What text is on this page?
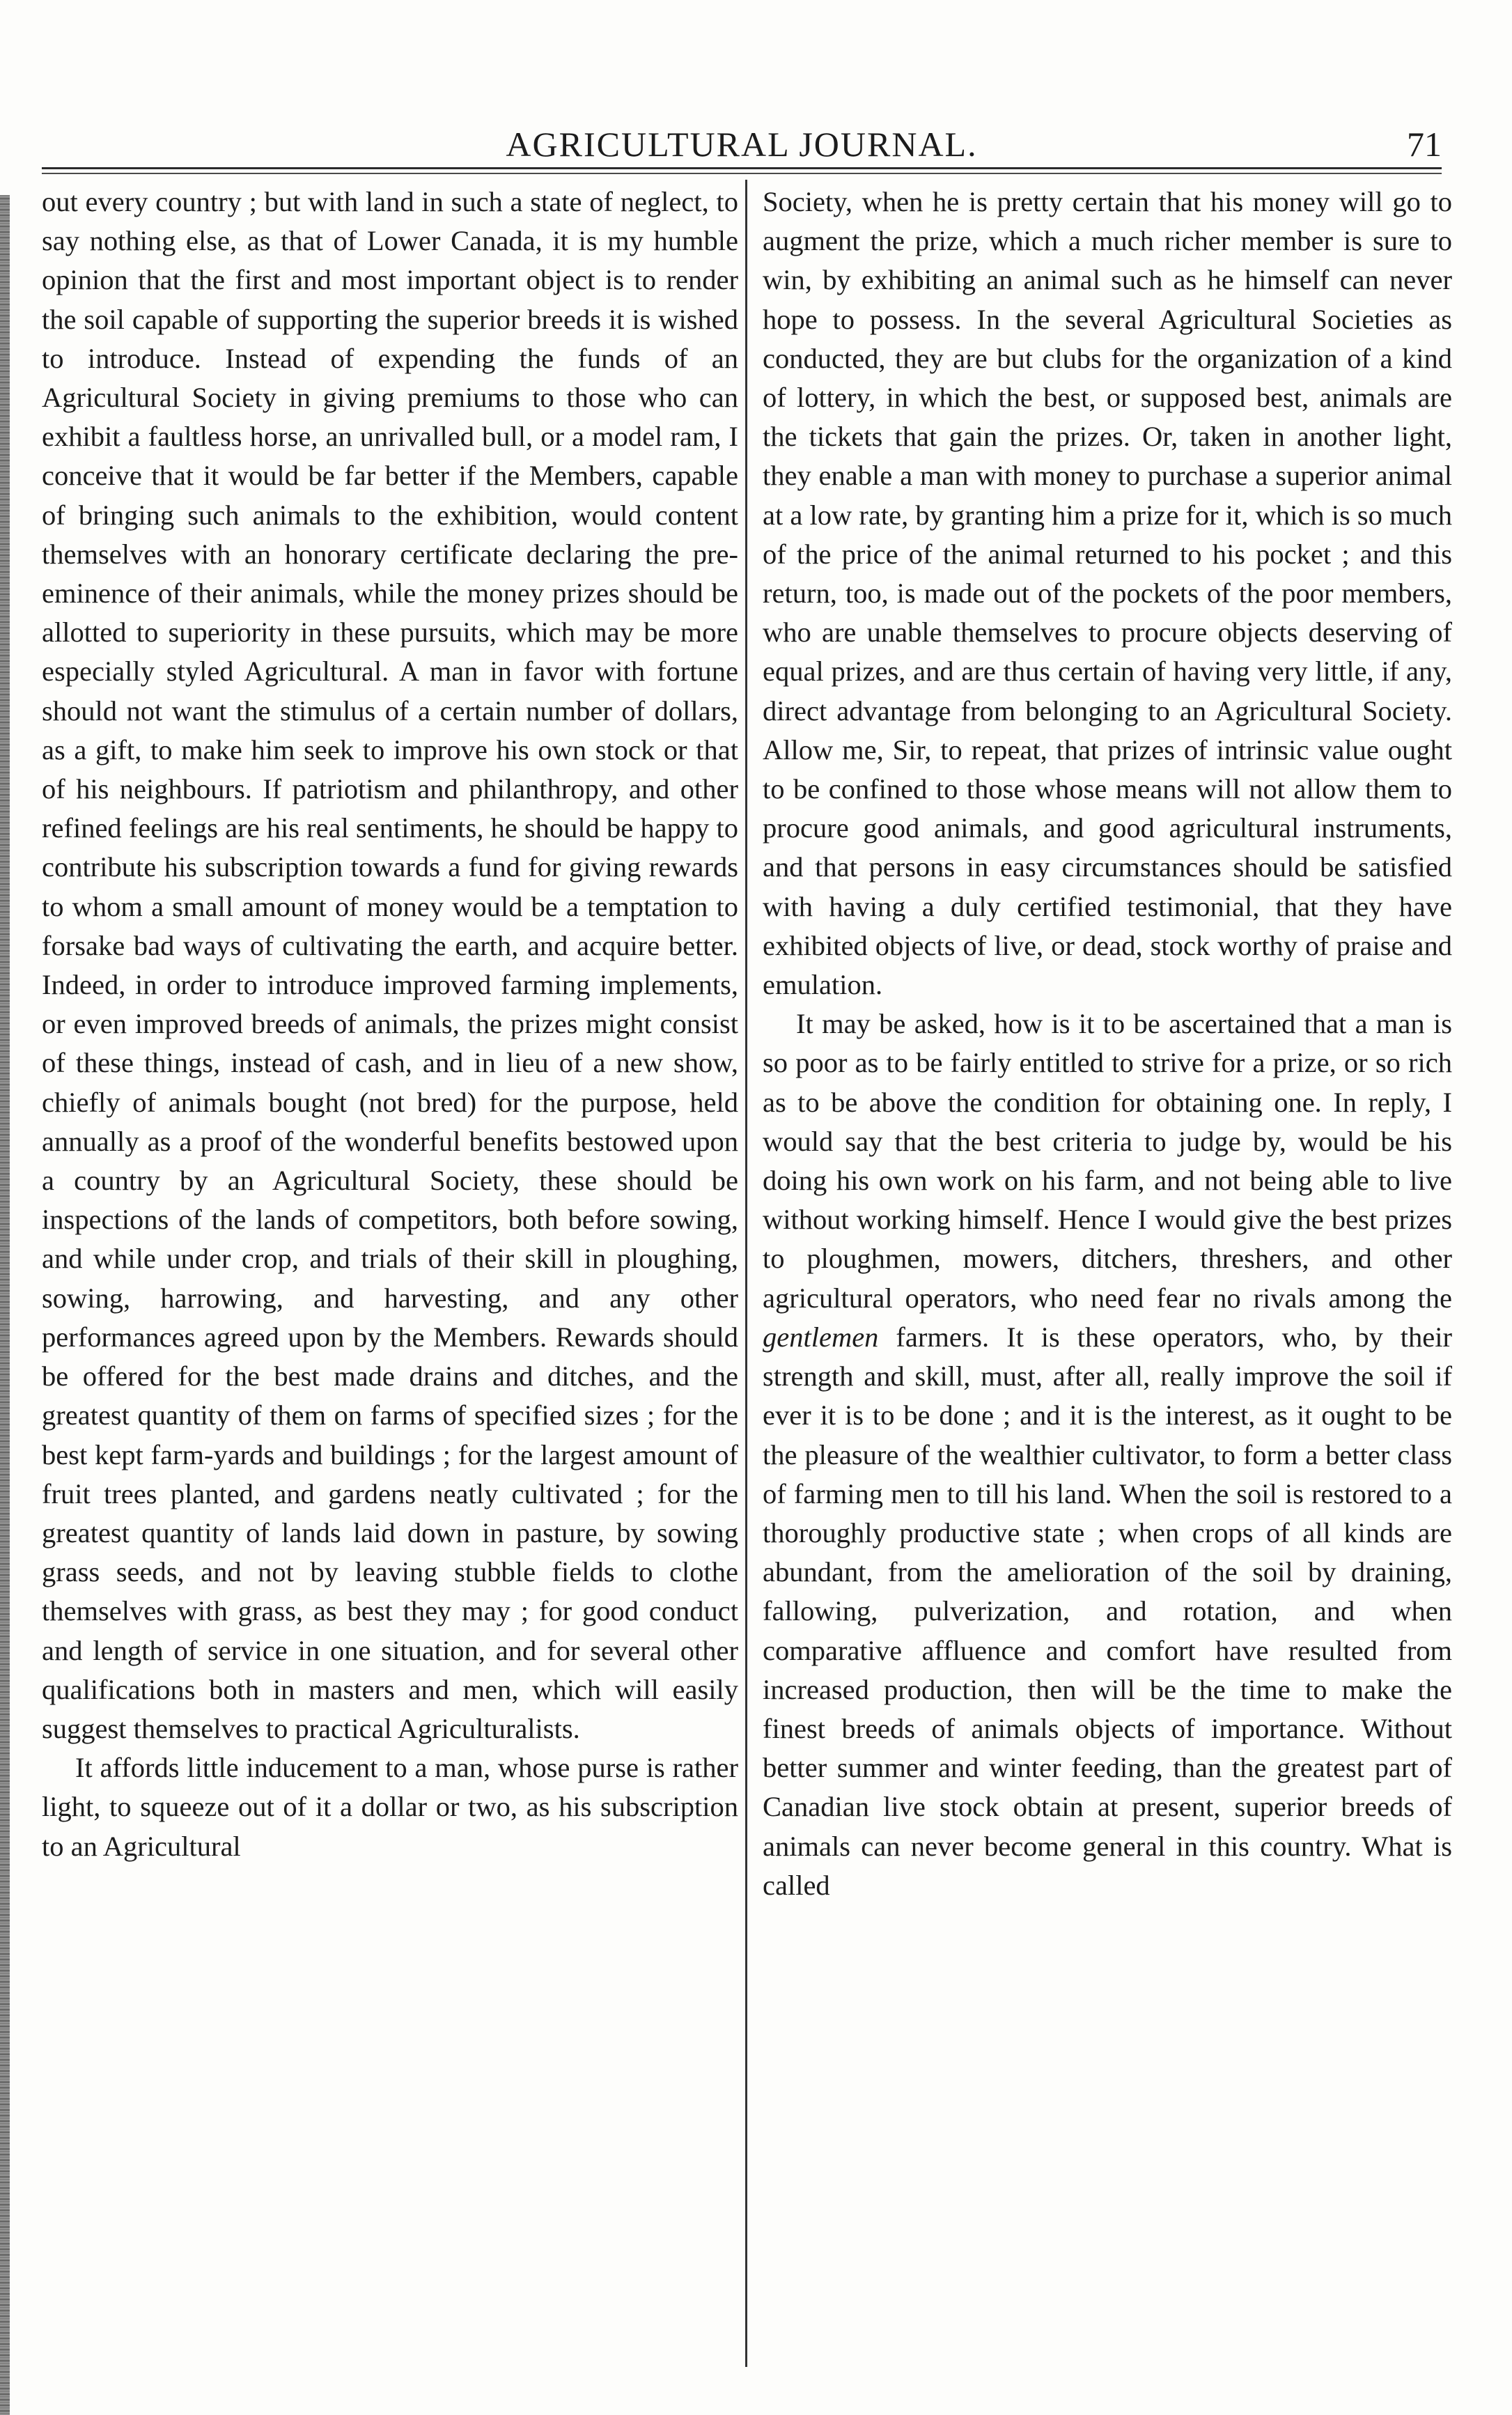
AGRICULTURAL JOURNAL.	71

out every country ; but with land in such a state of neglect, to say nothing else, as that of Lower Canada, it is my humble opinion that the first and most important object is to render the soil capable of supporting the superior breeds it is wished to introduce. Instead of expending the funds of an Agricultural Society in giving premiums to those who can exhibit a faultless horse, an unrivalled bull, or a model ram, I conceive that it would be far better if the Members, capable of bringing such animals to the exhibition, would content themselves with an honorary certificate declaring the pre-eminence of their animals, while the money prizes should be allotted to superiority in these pursuits, which may be more especially styled Agricultural. A man in favor with fortune should not want the stimulus of a certain number of dollars, as a gift, to make him seek to improve his own stock or that of his neighbours. If patriotism and philanthropy, and other refined feelings are his real sentiments, he should be happy to contribute his subscription towards a fund for giving rewards to whom a small amount of money would be a temptation to forsake bad ways of cultivating the earth, and acquire better. Indeed, in order to introduce improved farming implements, or even improved breeds of animals, the prizes might consist of these things, instead of cash, and in lieu of a new show, chiefly of animals bought (not bred) for the purpose, held annually as a proof of the wonderful benefits bestowed upon a country by an Agricultural Society, these should be inspections of the lands of competitors, both before sowing, and while under crop, and trials of their skill in ploughing, sowing, harrowing, and harvesting, and any other performances agreed upon by the Members. Rewards should be offered for the best made drains and ditches, and the greatest quantity of them on farms of specified sizes ; for the best kept farm-yards and buildings ; for the largest amount of fruit trees planted, and gardens neatly cultivated ; for the greatest quantity of lands laid down in pasture, by sowing grass seeds, and not by leaving stubble fields to clothe themselves with grass, as best they may ; for good conduct and length of service in one situation, and for several other qualifications both in masters and men, which will easily suggest themselves to practical Agriculturalists.

It affords little inducement to a man, whose purse is rather light, to squeeze out of it a dollar or two, as his subscription to an Agricultural

Society, when he is pretty certain that his money will go to augment the prize, which a much richer member is sure to win, by exhibiting an animal such as he himself can never hope to possess. In the several Agricultural Societies as conducted, they are but clubs for the organization of a kind of lottery, in which the best, or supposed best, animals are the tickets that gain the prizes. Or, taken in another light, they enable a man with money to purchase a superior animal at a low rate, by granting him a prize for it, which is so much of the price of the animal returned to his pocket ; and this return, too, is made out of the pockets of the poor members, who are unable themselves to procure objects deserving of equal prizes, and are thus certain of having very little, if any, direct advantage from belonging to an Agricultural Society. Allow me, Sir, to repeat, that prizes of intrinsic value ought to be confined to those whose means will not allow them to procure good animals, and good agricultural instruments, and that persons in easy circumstances should be satisfied with having a duly certified testimonial, that they have exhibited objects of live, or dead, stock worthy of praise and emulation.

It may be asked, how is it to be ascertained that a man is so poor as to be fairly entitled to strive for a prize, or so rich as to be above the condition for obtaining one. In reply, I would say that the best criteria to judge by, would be his doing his own work on his farm, and not being able to live without working himself. Hence I would give the best prizes to ploughmen, mowers, ditchers, threshers, and other agricultural operators, who need fear no rivals among the gentlemen farmers. It is these operators, who, by their strength and skill, must, after all, really improve the soil if ever it is to be done ; and it is the interest, as it ought to be the pleasure of the wealthier cultivator, to form a better class of farming men to till his land. When the soil is restored to a thoroughly productive state ; when crops of all kinds are abundant, from the amelioration of the soil by draining, fallowing, pulverization, and rotation, and when comparative affluence and comfort have resulted from increased production, then will be the time to make the finest breeds of animals objects of importance. Without better summer and winter feeding, than the greatest part of Canadian live stock obtain at present, superior breeds of animals can never become general in this country. What is called
